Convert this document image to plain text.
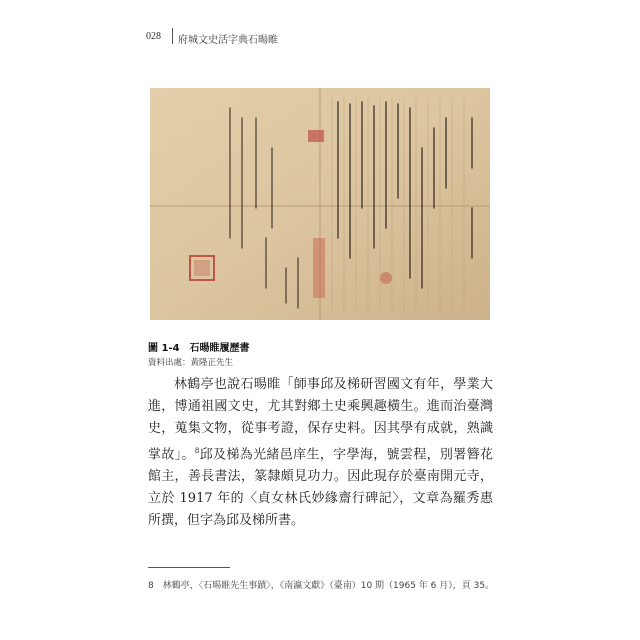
028 府城文史活字典石暘睢
圖 1-4　石暘睢履歷書
資料出處：黃隆正先生

林鶴亭也說石暘睢「師事邱及梯研習國文有年，學業大進，博通祖國文史，尤其對鄉土史乘興趣橫生。進而治臺灣史，蒐集文物，從事考證，保存史料。因其學有成就，熟識掌故」。$^8$邱及梯為光緒邑庠生，字學海，號雲程，別署簪花館主，善長書法，篆隸頗見功力。因此現存於臺南開元寺，立於 1917 年的〈貞女林氏妙緣齋行碑記〉，文章為羅秀惠所撰，但字為邱及梯所書。

8　林鶴亭，〈石暘睢先生事蹟〉，《南瀛文獻》（臺南）10 期（1965 年 6 月），頁 35。
